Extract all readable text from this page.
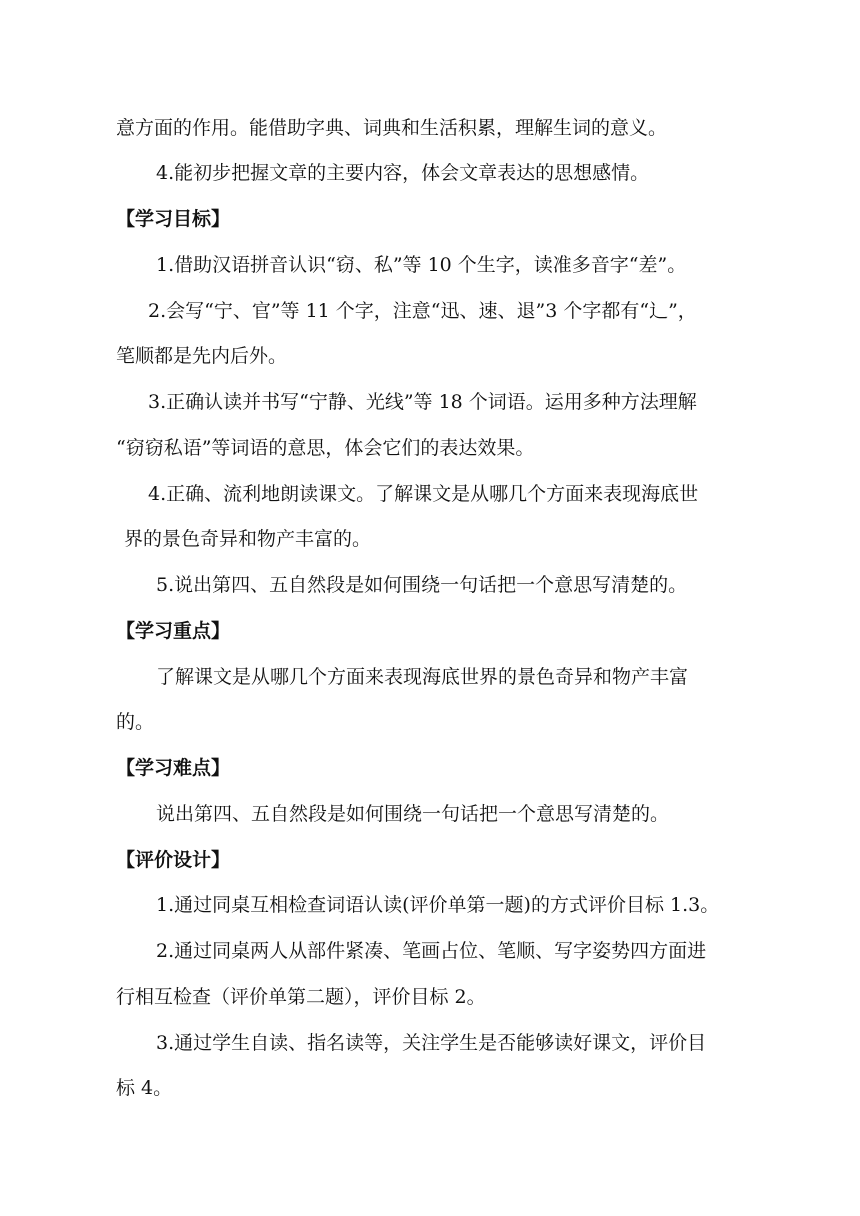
意方面的作用。能借助字典、词典和生活积累，理解生词的意义。
4.能初步把握文章的主要内容，体会文章表达的思想感情。
【学习目标】
1.借助汉语拼音认识“窃、私”等 10 个生字，读准多音字“差”。
2.会写“宁、官”等 11 个字，注意“迅、速、退”3 个字都有“辶”，
笔顺都是先内后外。
3.正确认读并书写“宁静、光线”等 18 个词语。运用多种方法理解
“窃窃私语”等词语的意思，体会它们的表达效果。
4.正确、流利地朗读课文。了解课文是从哪几个方面来表现海底世
界的景色奇异和物产丰富的。
5.说出第四、五自然段是如何围绕一句话把一个意思写清楚的。
【学习重点】
了解课文是从哪几个方面来表现海底世界的景色奇异和物产丰富
的。
【学习难点】
说出第四、五自然段是如何围绕一句话把一个意思写清楚的。
【评价设计】
1.通过同桌互相检查词语认读(评价单第一题)的方式评价目标 1.3。
2.通过同桌两人从部件紧凑、笔画占位、笔顺、写字姿势四方面进
行相互检查（评价单第二题），评价目标 2。
3.通过学生自读、指名读等，关注学生是否能够读好课文，评价目
标 4。
